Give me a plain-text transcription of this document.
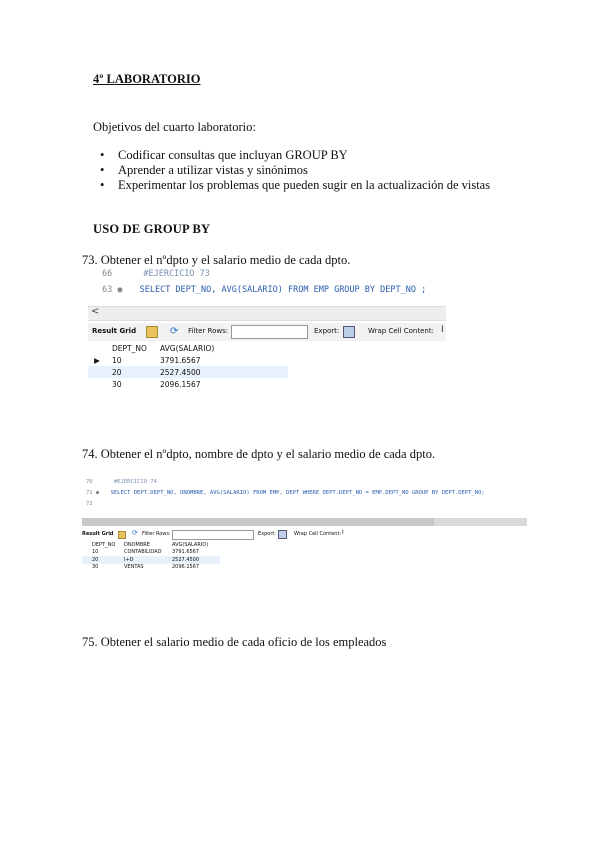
4º LABORATORIO
Objetivos del cuarto laboratorio:
•	Codificar consultas que incluyan GROUP BY
•	Aprender a utilizar vistas y sinónimos
•	Experimentar los problemas que pueden sugir en la actualización de vistas
USO DE GROUP BY
73. Obtener el nºdpto y el salario medio de cada dpto.
66	#EJERCICIO 73
63 ● SELECT DEPT_NO, AVG(SALARIO) FROM EMP GROUP BY DEPT_NO ;
<
Result Grid	⟳ Filter Rows:	Export:	Wrap Cell Content: I
DEPT_NO	AVG(SALARIO)
▶	10	3791.6567
20	2527.4500
30	2096.1567
74. Obtener el nºdpto, nombre de dpto y el salario medio de cada dpto.
70	#EJERCICIO 74
71 ● SELECT DEPT.DEPT_NO, DNOMBRE, AVG(SALARIO) FROM EMP, DEPT WHERE DEPT.DEPT_NO = EMP.DEPT_NO GROUP BY DEPT.DEPT_NO;
72
Result Grid	⟳ Filter Rows:	Export:	Wrap Cell Content: I
DEPT_NO	DNOMBRE	AVG(SALARIO)
10	CONTABILIDAD	3791.6567
20	I+D	2527.4500
30	VENTAS	2096.1567
75. Obtener el salario medio de cada oficio de los empleados
